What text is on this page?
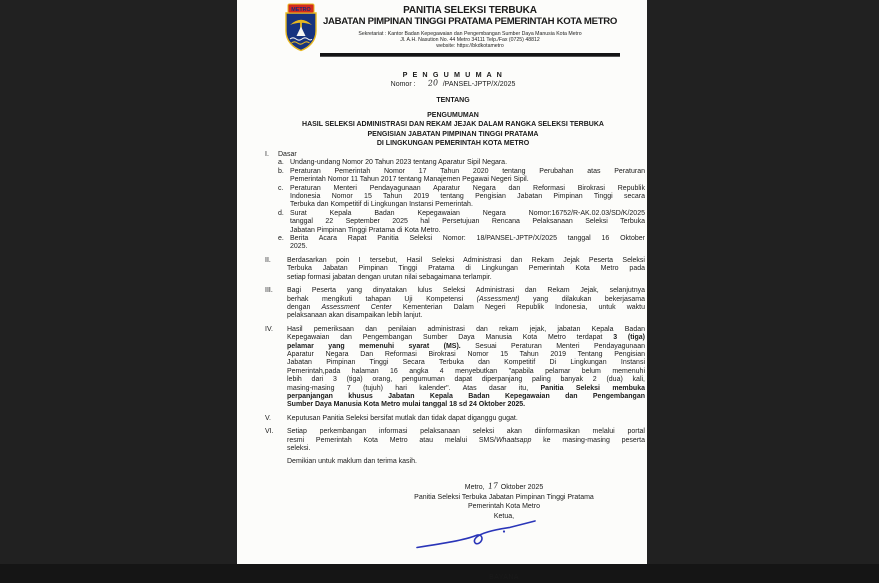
METRO	PANITIA SELEKSI TERBUKA
JABATAN PIMPINAN TINGGI PRATAMA PEMERINTAH KOTA METRO
Sekretariat : Kantor Badan Kepegawaian dan Pengembangan Sumber Daya Manusia Kota Metro
Jl. A.H. Nasution No. 44 Metro 34111 Telp./Fax (0725) 48812
website: https://bkdkotametro
P E N G U M U M A N
Nomor : 20 /PANSEL-JPTP/X/2025
TENTANG
PENGUMUMAN
HASIL SELEKSI ADMINISTRASI DAN REKAM JEJAK DALAM RANGKA SELEKSI TERBUKA
PENGISIAN JABATAN PIMPINAN TINGGI PRATAMA
DI LINGKUNGAN PEMERINTAH KOTA METRO
I.	Dasar
a. Undang-undang Nomor 20 Tahun 2023 tentang Aparatur Sipil Negara.
b. Peraturan Pemerintah Nomor 17 Tahun 2020 tentang Perubahan atas Peraturan
Pemerintah Nomor 11 Tahun 2017 tentang Manajemen Pegawai Negeri Sipil.
c. Peraturan Menteri Pendayagunaan Aparatur Negara dan Reformasi Birokrasi Republik
Indonesia Nomor 15 Tahun 2019 tentang Pengisian Jabatan Pimpinan Tinggi secara
Terbuka dan Kompetitif di Lingkungan Instansi Pemerintah.
d. Surat Kepala Badan Kepegawaian Negara Nomor:16752/R-AK.02.03/SD/K/2025
tanggal 22 September 2025 hal Persetujuan Rencana Pelaksanaan Seleksi Terbuka
Jabatan Pimpinan Tinggi Pratama di Kota Metro.
e. Berita Acara Rapat Panitia Seleksi Nomor: 18/PANSEL-JPTP/X/2025 tanggal 16 Oktober
2025.
II.	Berdasarkan poin I tersebut, Hasil Seleksi Administrasi dan Rekam Jejak Peserta Seleksi
Terbuka Jabatan Pimpinan Tinggi Pratama di Lingkungan Pemerintah Kota Metro pada
setiap formasi jabatan dengan urutan nilai sebagaimana terlampir.
III.	Bagi Peserta yang dinyatakan lulus Seleksi Administrasi dan Rekam Jejak, selanjutnya
berhak mengikuti tahapan Uji Kompetensi (Assessment) yang dilakukan bekerjasama
dengan Assessment Center Kementerian Dalam Negeri Republik Indonesia, untuk waktu
pelaksanaan akan disampaikan lebih lanjut.
IV.	Hasil pemeriksaan dan penilaian administrasi dan rekam jejak, jabatan Kepala Badan
Kepegawaian dan Pengembangan Sumber Daya Manusia Kota Metro terdapat 3 (tiga)
pelamar yang memenuhi syarat (MS). Sesuai Peraturan Menteri Pendayagunaan
Aparatur Negara Dan Reformasi Birokrasi Nomor 15 Tahun 2019 Tentang Pengisian
Jabatan Pimpinan Tinggi Secara Terbuka dan Kompetitif Di Lingkungan Instansi
Pemerintah,pada halaman 16 angka 4 menyebutkan "apabila pelamar belum memenuhi
lebih dari 3 (tiga) orang, pengumuman dapat diperpanjang paling banyak 2 (dua) kali,
masing-masing 7 (tujuh) hari kalender". Atas dasar itu, Panitia Seleksi membuka
perpanjangan khusus Jabatan Kepala Badan Kepegawaian dan Pengembangan
Sumber Daya Manusia Kota Metro mulai tanggal 18 sd 24 Oktober 2025.
V.	Keputusan Panitia Seleksi bersifat mutlak dan tidak dapat diganggu gugat.
VI.	Setiap perkembangan informasi pelaksanaan seleksi akan diinformasikan melalui portal
resmi Pemerintah Kota Metro atau melalui SMS/Whaatsapp ke masing-masing peserta
seleksi.
Demikian untuk maklum dan terima kasih.
Metro, 17 Oktober 2025
Panitia Seleksi Terbuka Jabatan Pimpinan Tinggi Pratama
Pemerintah Kota Metro
Ketua,
BAYANA
